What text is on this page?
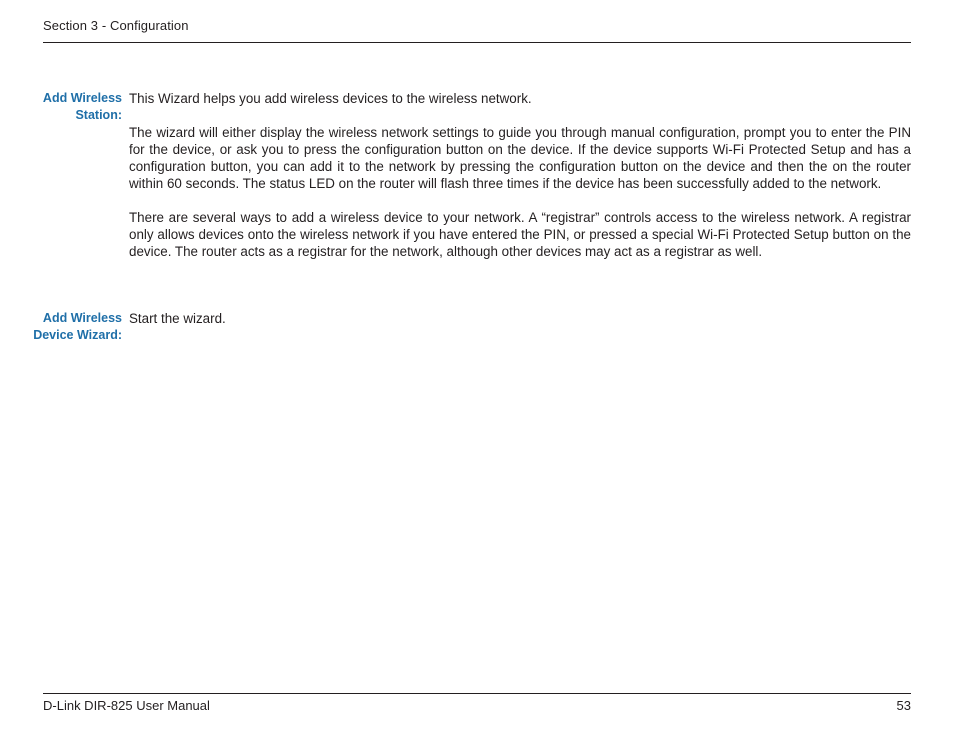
Section 3 - Configuration
Add Wireless
Station:

This Wizard helps you add wireless devices to the wireless network.

The wizard will either display the wireless network settings to guide you through manual configuration, prompt you to enter the PIN for the device, or ask you to press the configuration button on the device. If the device supports Wi-Fi Protected Setup and has a configuration button, you can add it to the network by pressing the configuration button on the device and then the on the router within 60 seconds. The status LED on the router will flash three times if the device has been successfully added to the network.

There are several ways to add a wireless device to your network. A “registrar” controls access to the wireless network. A registrar only allows devices onto the wireless network if you have entered the PIN, or pressed a special Wi-Fi Protected Setup button on the device. The router acts as a registrar for the network, although other devices may act as a registrar as well.

Add Wireless
Device Wizard:

Start the wizard.

D-Link DIR-825 User Manual	53
